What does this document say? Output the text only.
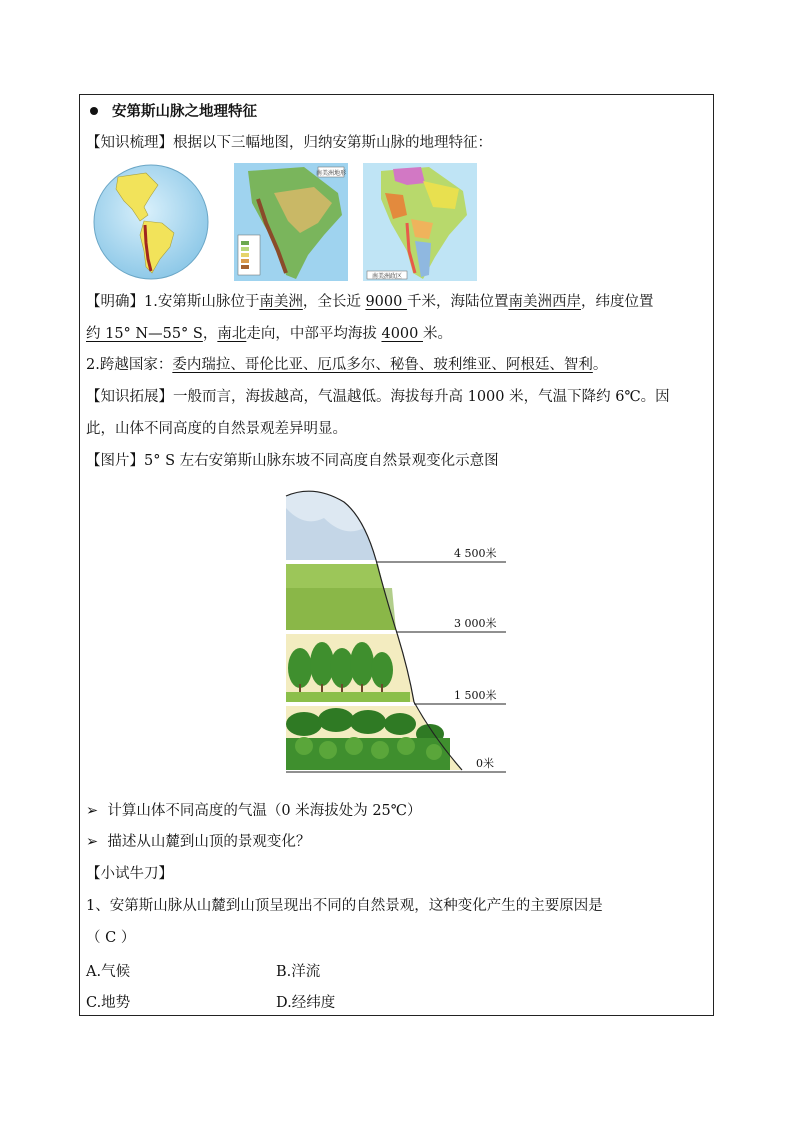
安第斯山脉之地理特征
【知识梳理】根据以下三幅地图，归纳安第斯山脉的地理特征：
南美洲地形
南美洲政区
【明确】1.安第斯山脉位于南美洲，全长近 9000 千米，海陆位置南美洲西岸，纬度位置
约 15° N—55° S，南北走向，中部平均海拔 4000 米。
2.跨越国家：委内瑞拉、哥伦比亚、厄瓜多尔、秘鲁、玻利维亚、阿根廷、智利。
【知识拓展】一般而言，海拔越高，气温越低。海拔每升高 1000 米，气温下降约 6℃。因
此，山体不同高度的自然景观差异明显。
【图片】5° S 左右安第斯山脉东坡不同高度自然景观变化示意图
4 500米
3 000米
1 500米
0米
➢ 计算山体不同高度的气温（0 米海拔处为 25℃）
➢ 描述从山麓到山顶的景观变化？
【小试牛刀】
1、安第斯山脉从山麓到山顶呈现出不同的自然景观，这种变化产生的主要原因是
（ C ）
A.气候	B.洋流
C.地势	D.经纬度
